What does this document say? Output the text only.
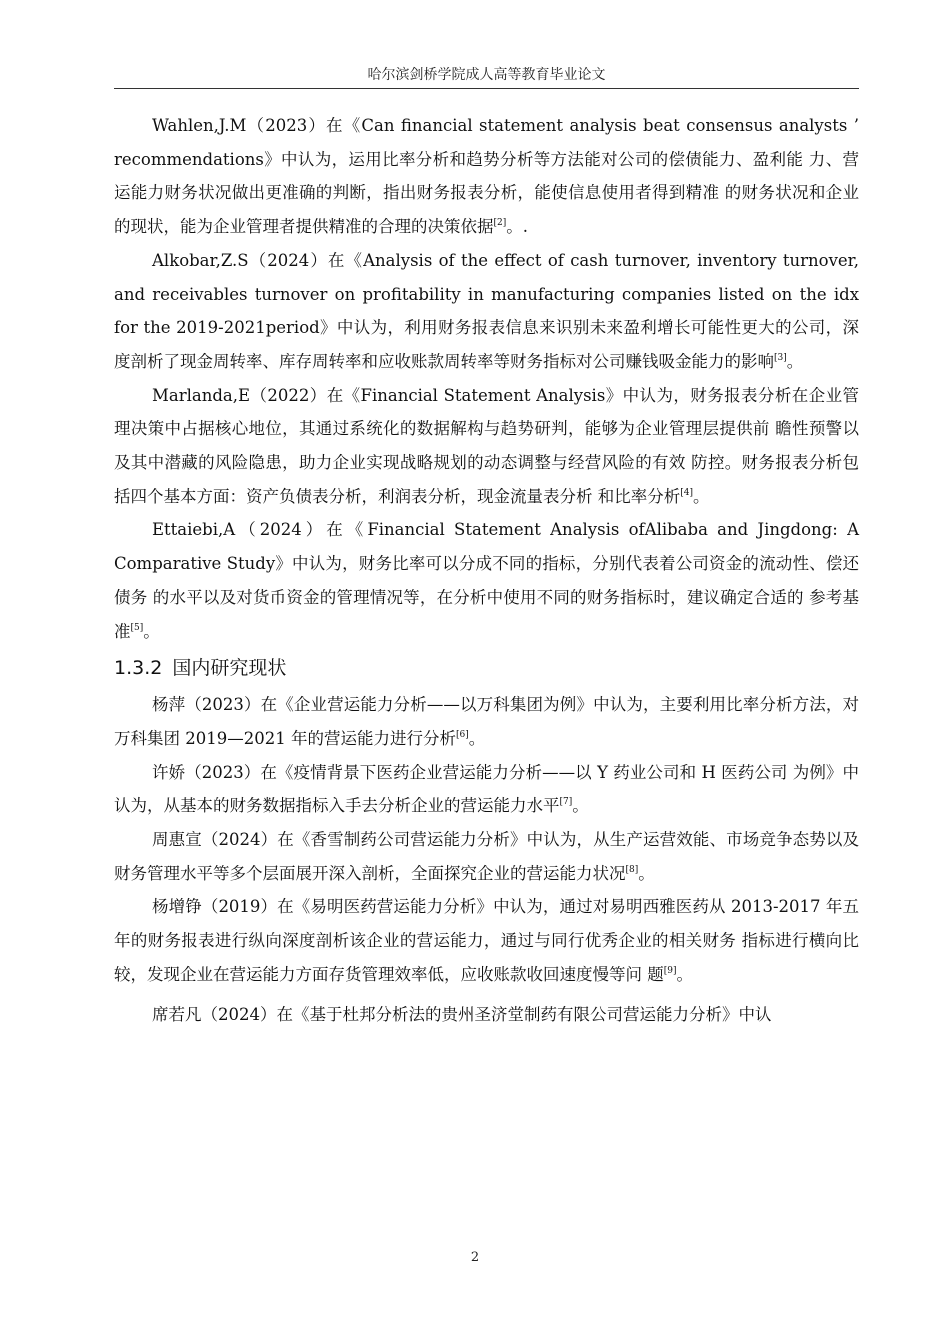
哈尔滨剑桥学院成人高等教育毕业论文

Wahlen,J.M（2023）在《Can financial statement analysis beat consensus analysts ’ recommendations》中认为，运用比率分析和趋势分析等方法能对公司的偿债能力、盈利能 力、营运能力财务状况做出更准确的判断，指出财务报表分析，能使信息使用者得到精准 的财务状况和企业的现状，能为企业管理者提供精准的合理的决策依据[2]。.

Alkobar,Z.S（2024）在《Analysis of the effect of cash turnover, inventory turnover, and receivables turnover on profitability in manufacturing companies listed on the idx for the 2019-2021period》中认为，利用财务报表信息来识别未来盈利增长可能性更大的公司，深度剖析了现金周转率、库存周转率和应收账款周转率等财务指标对公司赚钱吸金能力的影响[3]。

Marlanda,E（2022）在《Financial Statement Analysis》中认为，财务报表分析在企业管 理决策中占据核心地位，其通过系统化的数据解构与趋势研判，能够为企业管理层提供前 瞻性预警以及其中潜藏的风险隐患，助力企业实现战略规划的动态调整与经营风险的有效 防控。财务报表分析包括四个基本方面：资产负债表分析，利润表分析，现金流量表分析 和比率分析[4]。

Ettaiebi,A（2024）在《Financial Statement Analysis ofAlibaba and Jingdong: A Comparative Study》中认为，财务比率可以分成不同的指标，分别代表着公司资金的流动性、偿还债务 的水平以及对货币资金的管理情况等，在分析中使用不同的财务指标时，建议确定合适的 参考基准[5]。

1.3.2 国内研究现状

杨萍（2023）在《企业营运能力分析——以万科集团为例》中认为，主要利用比率分析方法，对万科集团 2019—2021 年的营运能力进行分析[6]。

许娇（2023）在《疫情背景下医药企业营运能力分析——以 Y 药业公司和 H 医药公司 为例》中认为，从基本的财务数据指标入手去分析企业的营运能力水平[7]。

周惠宣（2024）在《香雪制药公司营运能力分析》中认为，从生产运营效能、市场竞争态势以及财务管理水平等多个层面展开深入剖析，全面探究企业的营运能力状况[8]。

杨增铮（2019）在《易明医药营运能力分析》中认为，通过对易明西雅医药从 2013-2017 年五年的财务报表进行纵向深度剖析该企业的营运能力，通过与同行优秀企业的相关财务 指标进行横向比较，发现企业在营运能力方面存货管理效率低，应收账款收回速度慢等问 题[9]。

席若凡（2024）在《基于杜邦分析法的贵州圣济堂制药有限公司营运能力分析》中认

2
